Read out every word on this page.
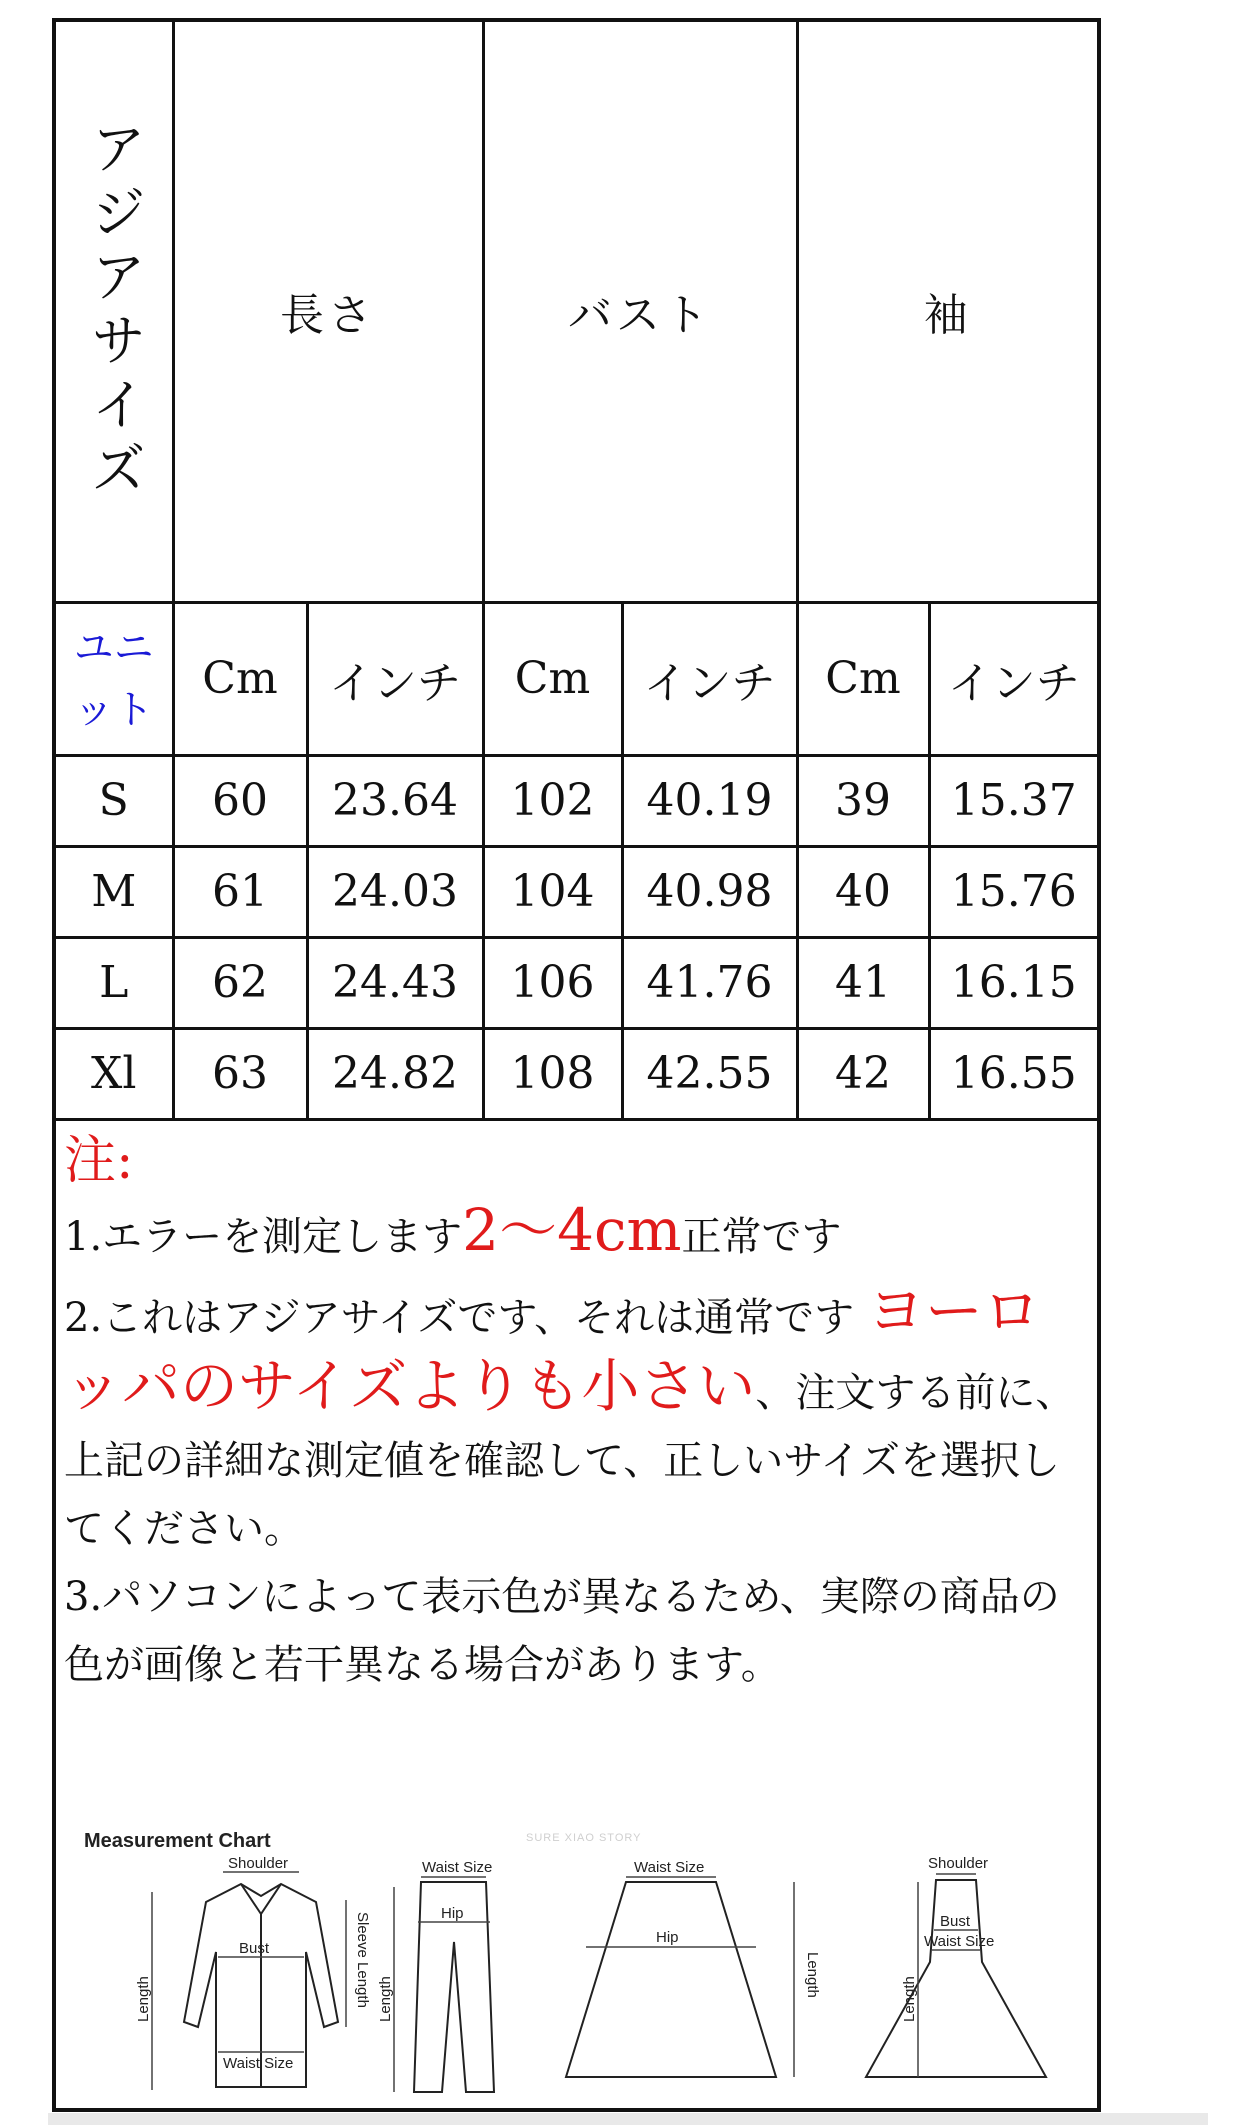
アジアサイズ	長さ		バスト		袖	

ユニット	Cm	インチ	Cm	インチ	Cm	インチ
S	60	23.64	102	40.19	39	15.37
M	61	24.03	104	40.98	40	15.76
L	62	24.43	106	41.76	41	16.15
Xl	63	24.82	108	42.55	42	16.55
注:
1.エラーを測定します2〜4cm正常です
2.これはアジアサイズです、それは通常です ヨーロッパのサイズよりも小さい、注文する前に、上記の詳細な測定値を確認して、正しいサイズを選択してください。
3.パソコンによって表示色が異なるため、実際の商品の色が画像と若干異なる場合があります。
Measurement Chart	SURE XIAO STORY
Shoulder
Bust
Waist Size
Length	Sleeve Length
Waist Size
Hip
Length
Waist Size
Hip
Length
Shoulder
Bust
Waist Size
Length
